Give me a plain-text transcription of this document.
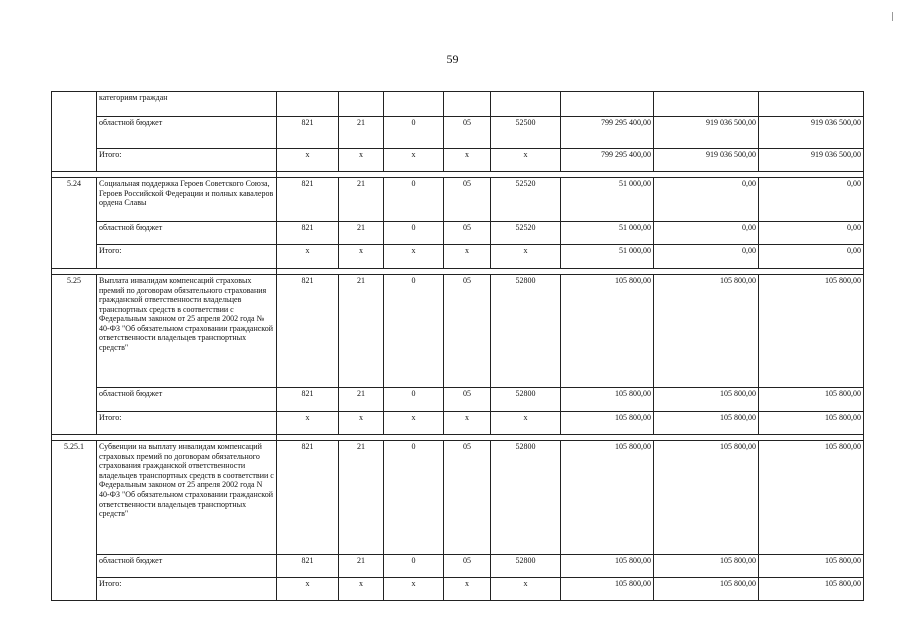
59
	категориям граждан								
	областной бюджет	821	21	0	05	52500	799 295 400,00	919 036 500,00	919 036 500,00
	Итого:	х	х	х	х	х	799 295 400,00	919 036 500,00	919 036 500,00

5.24	Социальная поддержка Героев Советского Союза, Героев Российской Федерации и полных кавалеров ордена Славы	821	21	0	05	52520	51 000,00	0,00	0,00
	областной бюджет	821	21	0	05	52520	51 000,00	0,00	0,00
	Итого:	х	х	х	х	х	51 000,00	0,00	0,00

5.25	Выплата инвалидам компенсаций страховых премий по договорам обязательного страхования гражданской ответственности владельцев транспортных средств в соответствии с Федеральным законом от 25 апреля 2002 года № 40-ФЗ "Об обязательном страховании гражданской ответственности владельцев транспортных средств"	821	21	0	05	52800	105 800,00	105 800,00	105 800,00
	областной бюджет	821	21	0	05	52800	105 800,00	105 800,00	105 800,00
	Итого:	х	х	х	х	х	105 800,00	105 800,00	105 800,00

5.25.1	Субвенции на выплату инвалидам компенсаций страховых премий по договорам обязательного страхования гражданской ответственности владельцев транспортных средств в соответствии с Федеральным законом от 25 апреля 2002 года N 40-ФЗ "Об обязательном страховании гражданской ответственности владельцев транспортных средств"	821	21	0	05	52800	105 800,00	105 800,00	105 800,00
	областной бюджет	821	21	0	05	52800	105 800,00	105 800,00	105 800,00
	Итого:	х	х	х	х	х	105 800,00	105 800,00	105 800,00
